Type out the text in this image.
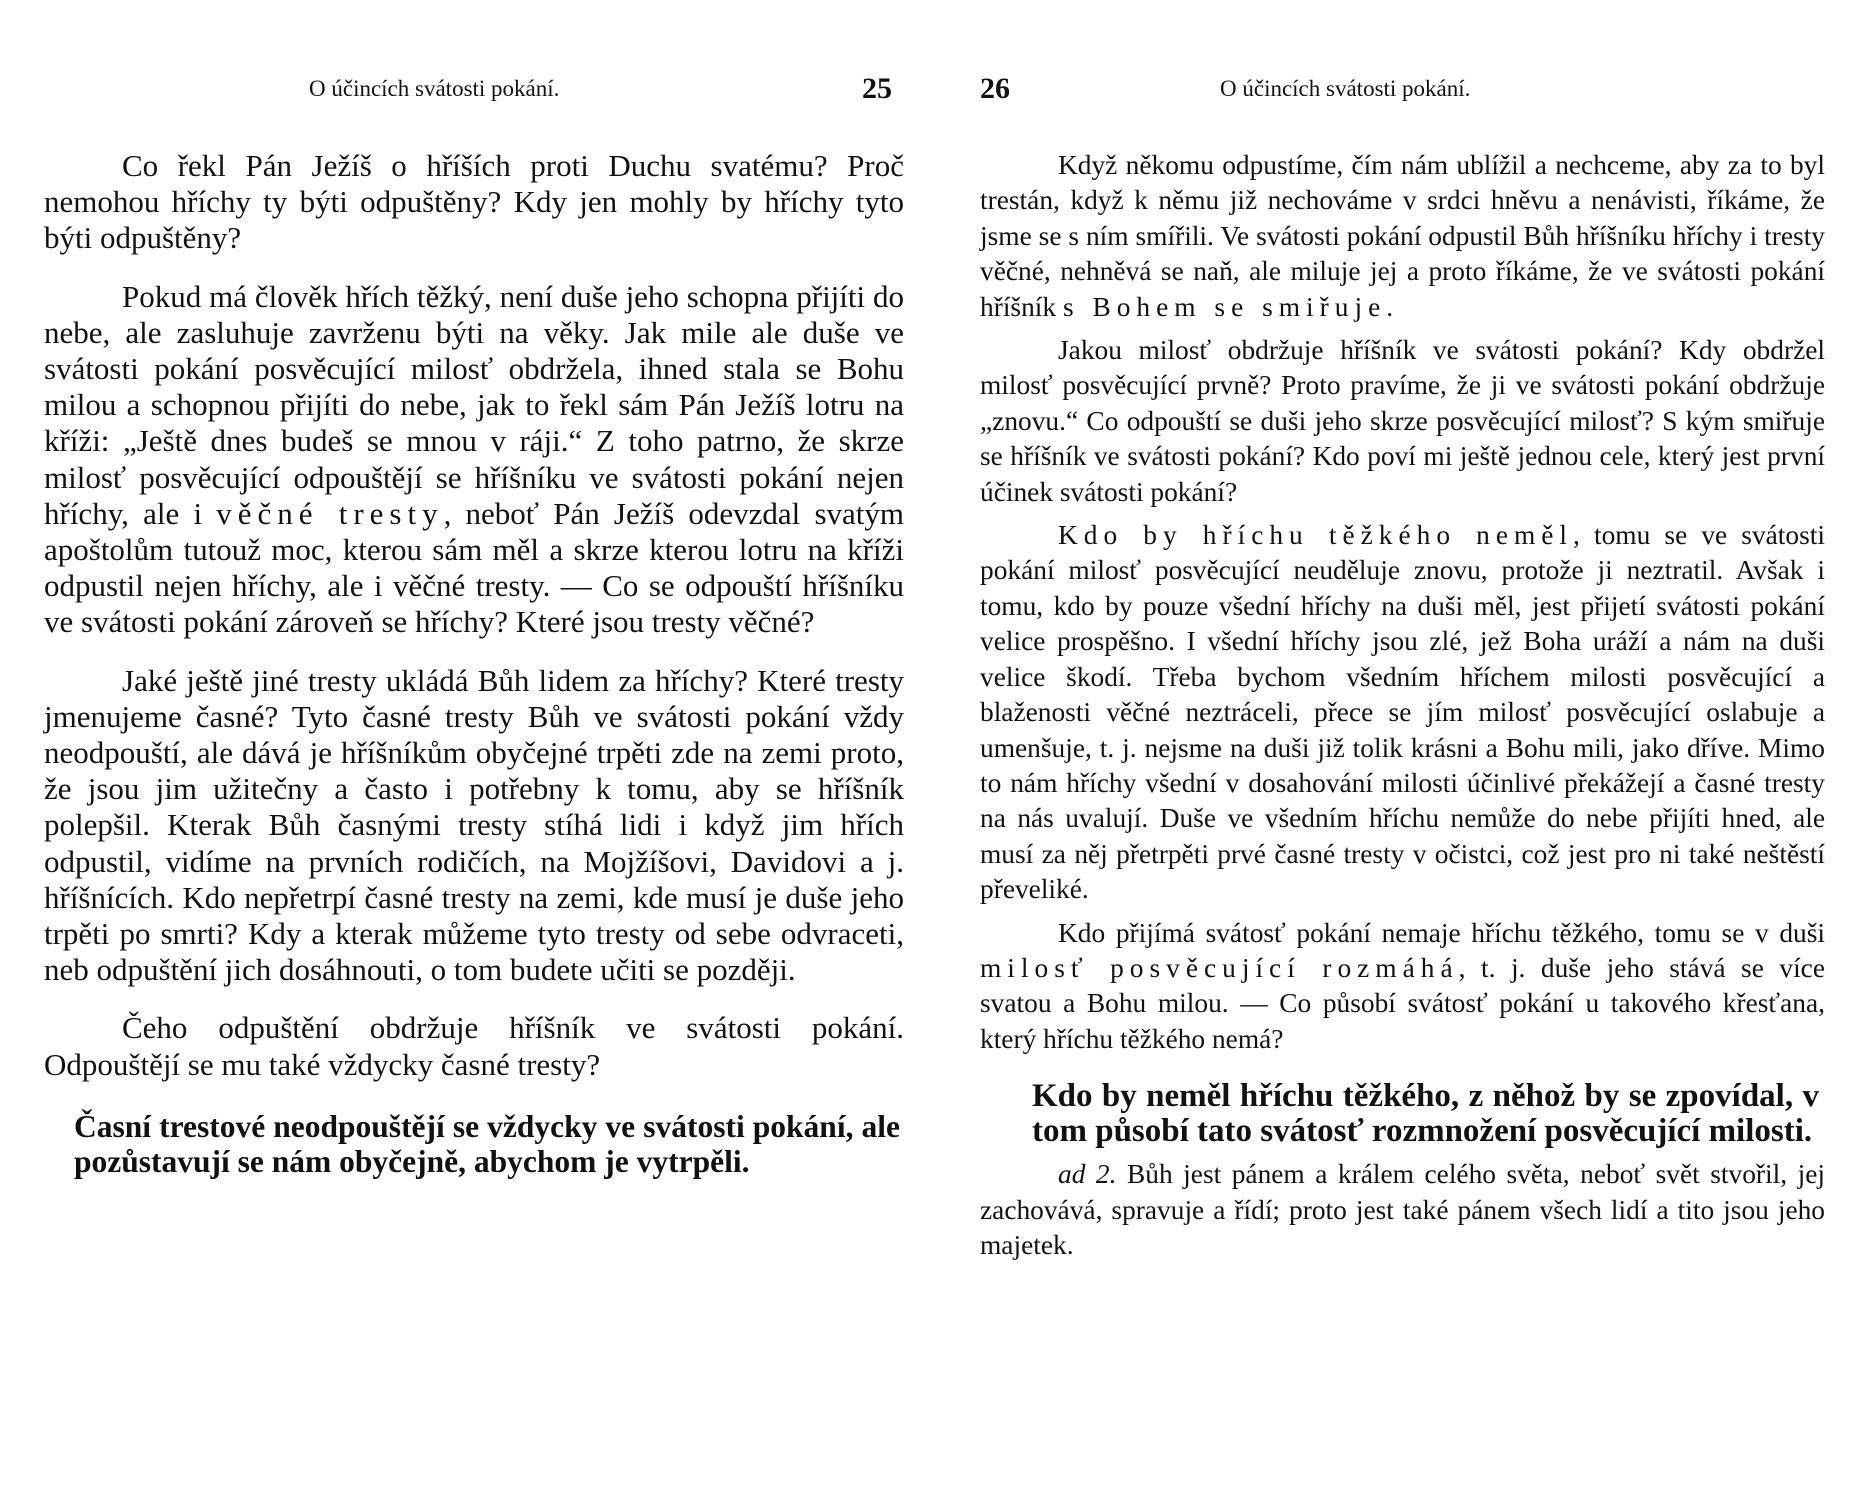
O účincích svátosti pokání.	25

Co řekl Pán Ježíš o hříších proti Duchu svatému? Proč nemohou hříchy ty býti odpuštěny? Kdy jen mohly by hříchy tyto býti odpuštěny?

Pokud má člověk hřích těžký, není duše jeho schopna přijíti do nebe, ale zasluhuje zavrženu býti na věky. Jak mile ale duše ve svátosti pokání posvěcující milosť obdržela, ihned stala se Bohu milou a schopnou přijíti do nebe, jak to řekl sám Pán Ježíš lotru na kříži: „Ještě dnes budeš se mnou v ráji.“ Z toho patrno, že skrze milosť posvěcující odpouštějí se hříšníku ve svátosti pokání nejen hříchy, ale i věčné tresty, neboť Pán Ježíš odevzdal svatým apoštolům tutouž moc, kterou sám měl a skrze kterou lotru na kříži odpustil nejen hříchy, ale i věčné tresty. — Co se odpouští hříšníku ve svátosti pokání zároveň se hříchy? Které jsou tresty věčné?

Jaké ještě jiné tresty ukládá Bůh lidem za hříchy? Které tresty jmenujeme časné? Tyto časné tresty Bůh ve svátosti pokání vždy neodpouští, ale dává je hříšníkům obyčejné trpěti zde na zemi proto, že jsou jim užitečny a často i potřebny k tomu, aby se hříšník polepšil. Kterak Bůh časnými tresty stíhá lidi i když jim hřích odpustil, vidíme na prvních rodičích, na Mojžíšovi, Davidovi a j. hříšnících. Kdo nepřetrpí časné tresty na zemi, kde musí je duše jeho trpěti po smrti? Kdy a kterak můžeme tyto tresty od sebe odvraceti, neb odpuštění jich dosáhnouti, o tom budete učiti se později.

Čeho odpuštění obdržuje hříšník ve svátosti pokání. Odpouštějí se mu také vždycky časné tresty?

Časní trestové neodpouštějí se vždycky ve svátosti pokání, ale pozůstavují se nám obyčejně, abychom je vytrpěli.
26	O účincích svátosti pokání.

Když někomu odpustíme, čím nám ublížil a nechceme, aby za to byl trestán, když k němu již nechováme v srdci hněvu a nenávisti, říkáme, že jsme se s ním smířili. Ve svátosti pokání odpustil Bůh hříšníku hříchy i tresty věčné, nehněvá se naň, ale miluje jej a proto říkáme, že ve svátosti pokání hříšník s Bohem se smiřuje.

Jakou milosť obdržuje hříšník ve svátosti pokání? Kdy obdržel milosť posvěcující prvně? Proto pravíme, že ji ve svátosti pokání obdržuje „znovu.“ Co odpouští se duši jeho skrze posvěcující milosť? S kým smiřuje se hříšník ve svátosti pokání? Kdo poví mi ještě jednou cele, který jest první účinek svátosti pokání?

Kdo by hříchu těžkého neměl, tomu se ve svátosti pokání milosť posvěcující neuděluje znovu, protože ji neztratil. Avšak i tomu, kdo by pouze všední hříchy na duši měl, jest přijetí svátosti pokání velice prospěšno. I všední hříchy jsou zlé, jež Boha uráží a nám na duši velice škodí. Třeba bychom všedním hříchem milosti posvěcující a blaženosti věčné neztráceli, přece se jím milosť posvěcující oslabuje a umenšuje, t. j. nejsme na duši již tolik krásni a Bohu mili, jako dříve. Mimo to nám hříchy všední v dosahování milosti účinlivé překážejí a časné tresty na nás uvalují. Duše ve všedním hříchu nemůže do nebe přijíti hned, ale musí za něj přetrpěti prvé časné tresty v očistci, což jest pro ni také neštěstí převeliké.

Kdo přijímá svátosť pokání nemaje hříchu těžkého, tomu se v duši milosť posvěcující rozmáhá, t. j. duše jeho stává se více svatou a Bohu milou. — Co působí svátosť pokání u takového křesťana, který hříchu těžkého nemá?

Kdo by neměl hříchu těžkého, z něhož by se zpovídal, v tom působí tato svátosť rozmnožení posvěcující milosti.

ad 2. Bůh jest pánem a králem celého světa, neboť svět stvořil, jej zachovává, spravuje a řídí; proto jest také pánem všech lidí a tito jsou jeho majetek.
